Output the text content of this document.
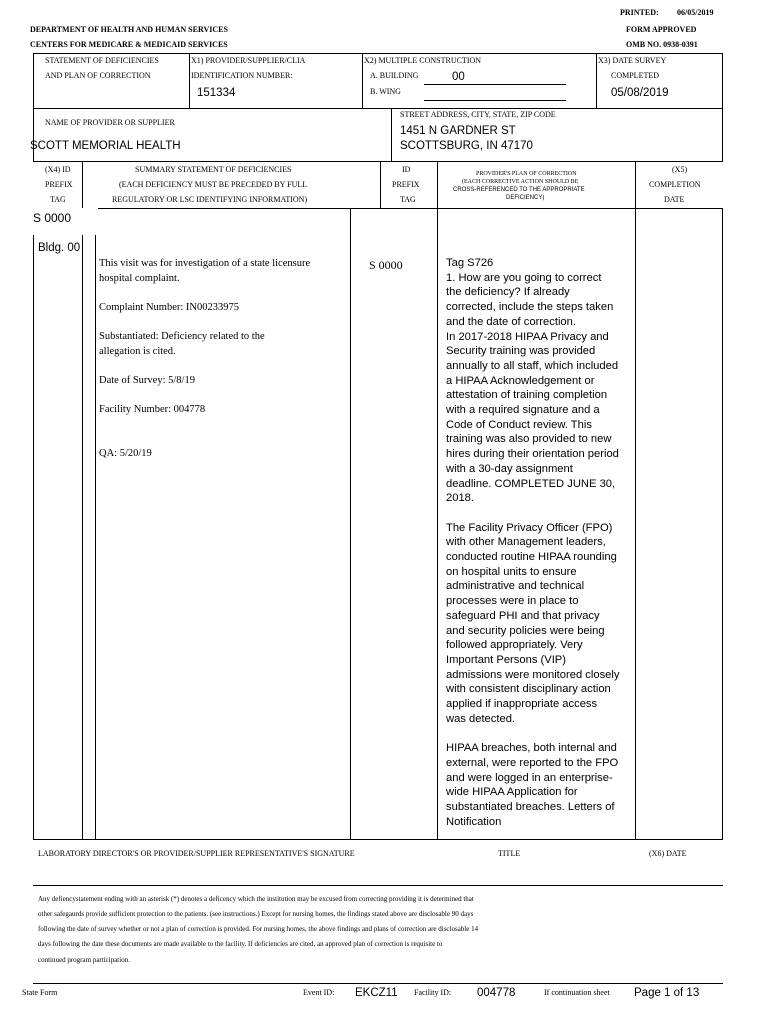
PRINTED: 06/05/2019
DEPARTMENT OF HEALTH AND HUMAN SERVICES
CENTERS FOR MEDICARE & MEDICAID SERVICES
FORM APPROVED
OMB NO. 0938-0391
STATEMENT OF DEFICIENCIES
AND PLAN OF CORRECTION
X1) PROVIDER/SUPPLIER/CLIA
IDENTIFICATION NUMBER:
151334
X2) MULTIPLE CONSTRUCTION
A. BUILDING	00
B. WING
X3) DATE SURVEY
COMPLETED
05/08/2019
NAME OF PROVIDER OR SUPPLIER
SCOTT MEMORIAL HEALTH
STREET ADDRESS, CITY, STATE, ZIP CODE
1451 N GARDNER ST
SCOTTSBURG, IN 47170
(X4) ID
PREFIX
TAG
SUMMARY STATEMENT OF DEFICIENCIES
(EACH DEFICIENCY MUST BE PRECEDED BY FULL
REGULATORY OR LSC IDENTIFYING INFORMATION)
ID
PREFIX
TAG
PROVIDER'S PLAN OF CORRECTION
(EACH CORRECTIVE ACTION SHOULD BE
CROSS-REFERENCED TO THE APPROPRIATE
DEFICIENCY)
(X5)
COMPLETION
DATE
S 0000
Bldg. 00
This visit was for investigation of a state licensure hospital complaint.
Complaint Number: IN00233975
Substantiated: Deficiency related to the allegation is cited.
Date of Survey: 5/8/19
Facility Number: 004778
QA: 5/20/19
S 0000	Tag S726
1. How are you going to correct the deficiency? If already corrected, include the steps taken and the date of correction.
In 2017-2018 HIPAA Privacy and Security training was provided annually to all staff, which included a HIPAA Acknowledgement or attestation of training completion with a required signature and a Code of Conduct review. This training was also provided to new hires during their orientation period with a 30-day assignment deadline. COMPLETED JUNE 30, 2018.
The Facility Privacy Officer (FPO) with other Management leaders, conducted routine HIPAA rounding on hospital units to ensure administrative and technical processes were in place to safeguard PHI and that privacy and security policies were being followed appropriately. Very Important Persons (VIP) admissions were monitored closely with consistent disciplinary action applied if inappropriate access was detected.
HIPAA breaches, both internal and external, were reported to the FPO and were logged in an enterprise-wide HIPAA Application for substantiated breaches. Letters of Notification
LABORATORY DIRECTOR'S OR PROVIDER/SUPPLIER REPRESENTATIVE'S SIGNATURE	TITLE	(X6) DATE
Any defiencystatement ending with an asterisk (*) denotes a deficency which the institution may be excused from correcting providing it is determined that
other safegaurds provide sufficient protection to the patients. (see instructions.) Except for nursing homes, the findings stated above are disclosable 90 days
following the date of survey whether or not a plan of correction is provided. For nursing homes, the above findings and plans of correction are disclosable 14
days following the date these documents are made available to the facility. If deficiencies are cited, an approved plan of correction is requisite to
continued program participation.
State Form	Event ID: EKCZ11 Facility ID: 004778	If continuation sheet Page 1 of 13
